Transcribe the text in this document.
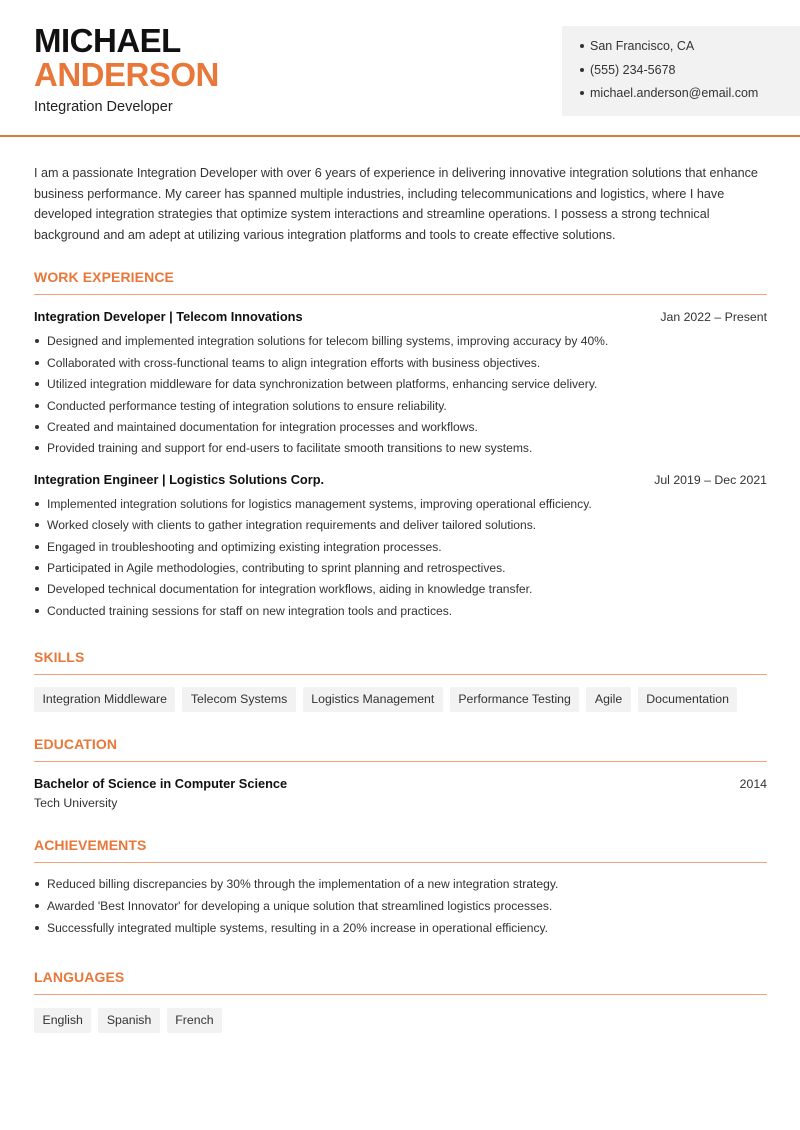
MICHAEL
ANDERSON
Integration Developer
San Francisco, CA
(555) 234-5678
michael.anderson@email.com

I am a passionate Integration Developer with over 6 years of experience in delivering innovative integration solutions that enhance business performance. My career has spanned multiple industries, including telecommunications and logistics, where I have developed integration strategies that optimize system interactions and streamline operations. I possess a strong technical background and am adept at utilizing various integration platforms and tools to create effective solutions.

WORK EXPERIENCE
Integration Developer | Telecom Innovations	Jan 2022 – Present
Designed and implemented integration solutions for telecom billing systems, improving accuracy by 40%.
Collaborated with cross-functional teams to align integration efforts with business objectives.
Utilized integration middleware for data synchronization between platforms, enhancing service delivery.
Conducted performance testing of integration solutions to ensure reliability.
Created and maintained documentation for integration processes and workflows.
Provided training and support for end-users to facilitate smooth transitions to new systems.
Integration Engineer | Logistics Solutions Corp.	Jul 2019 – Dec 2021
Implemented integration solutions for logistics management systems, improving operational efficiency.
Worked closely with clients to gather integration requirements and deliver tailored solutions.
Engaged in troubleshooting and optimizing existing integration processes.
Participated in Agile methodologies, contributing to sprint planning and retrospectives.
Developed technical documentation for integration workflows, aiding in knowledge transfer.
Conducted training sessions for staff on new integration tools and practices.
SKILLS
Integration Middleware	Telecom Systems	Logistics Management	Performance Testing	Agile	Documentation
EDUCATION
Bachelor of Science in Computer Science	2014
Tech University
ACHIEVEMENTS
Reduced billing discrepancies by 30% through the implementation of a new integration strategy.
Awarded 'Best Innovator' for developing a unique solution that streamlined logistics processes.
Successfully integrated multiple systems, resulting in a 20% increase in operational efficiency.
LANGUAGES
English	Spanish	French
